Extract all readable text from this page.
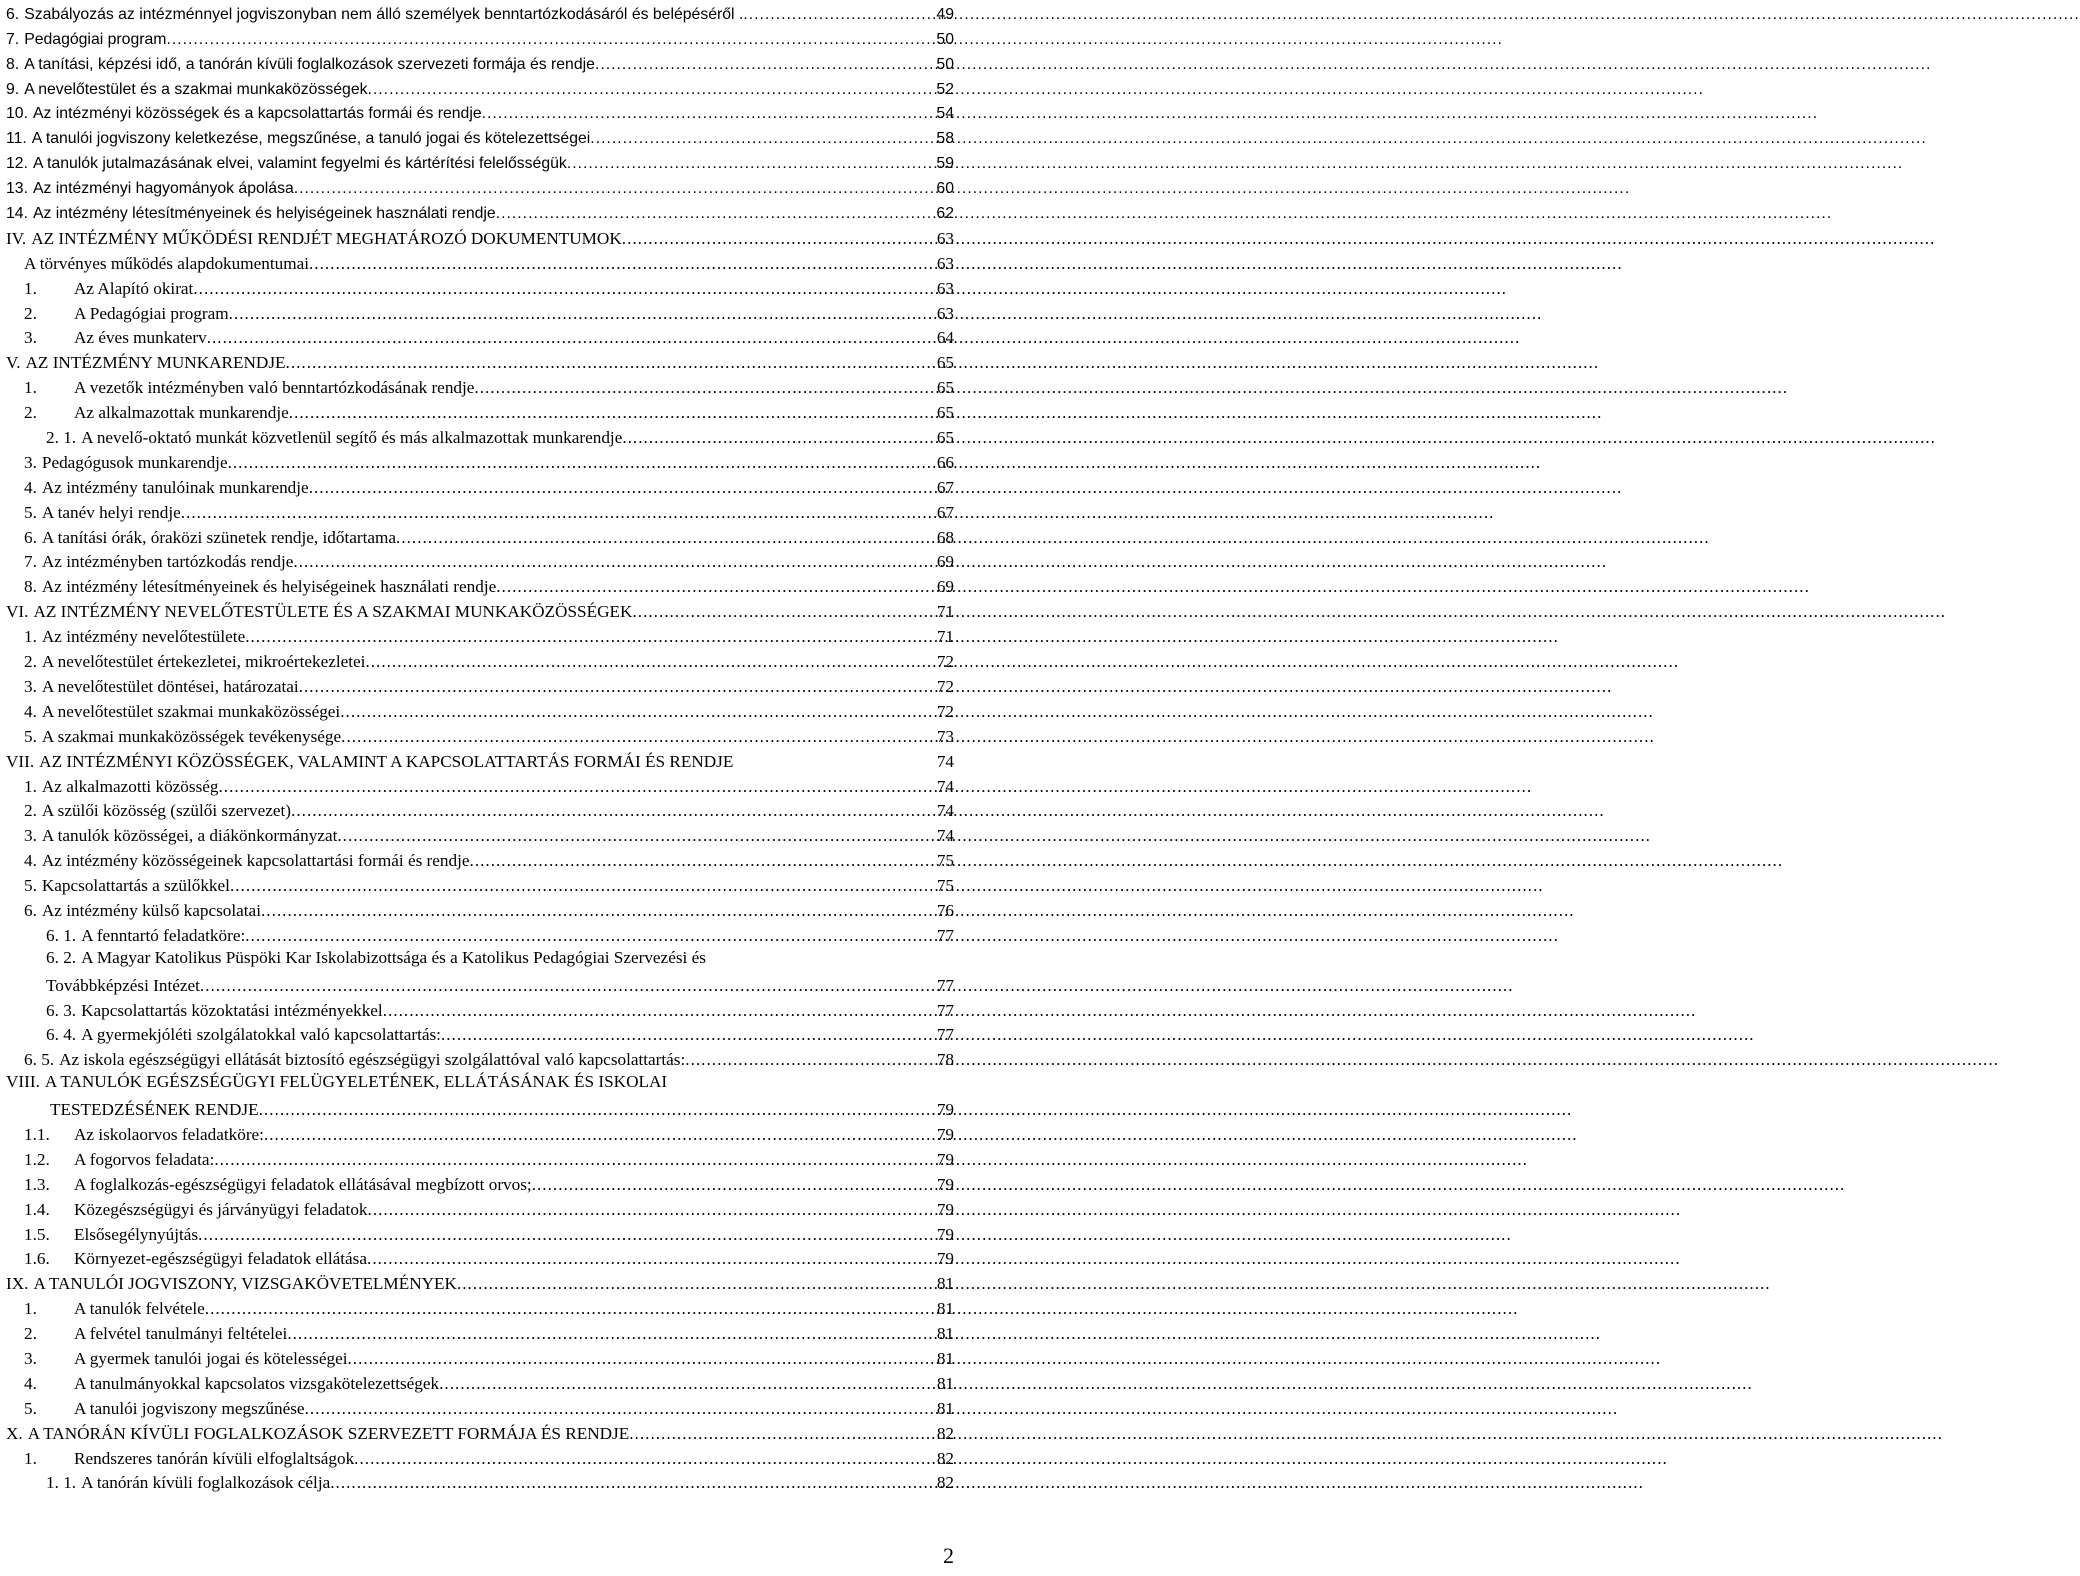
6. Szabályozás az intézménnyel jogviszonyban nem álló személyek benntartózkodásáról és belépéséről . .....	49
7. Pedagógiai program .....	50
8. A tanítási, képzési idő, a tanórán kívüli foglalkozások szervezeti formája és rendje .....	50
9. A nevelőtestület és a szakmai munkaközösségek .....	52
10. Az intézményi közösségek és a kapcsolattartás formái és rendje .....	54
11. A tanulói jogviszony keletkezése, megszűnése, a tanuló jogai és kötelezettségei .....	58
12. A tanulók jutalmazásának elvei, valamint fegyelmi és kártérítési felelősségük .....	59
13. Az intézményi hagyományok ápolása .....	60
14. Az intézmény létesítményeinek és helyiségeinek használati rendje .....	62
IV. AZ INTÉZMÉNY MŰKÖDÉSI RENDJÉT MEGHATÁROZÓ DOKUMENTUMOK .....	63
A törvényes működés alapdokumentumai .....	63
1.	Az Alapító okirat .....	63
2.	A Pedagógiai program .....	63
3.	Az éves munkaterv .....	64
V. AZ INTÉZMÉNY MUNKARENDJE .....	65
1.	A vezetők intézményben való benntartózkodásának rendje .....	65
2.	Az alkalmazottak munkarendje .....	65
2. 1. A nevelő-oktató munkát közvetlenül segítő és más alkalmazottak munkarendje .....	65
3. Pedagógusok munkarendje .....	66
4. Az intézmény tanulóinak munkarendje .....	67
5. A tanév helyi rendje .....	67
6. A tanítási órák, óraközi szünetek rendje, időtartama .....	68
7. Az intézményben tartózkodás rendje .....	69
8. Az intézmény létesítményeinek és helyiségeinek használati rendje .....	69
VI. AZ INTÉZMÉNY NEVELŐTESTÜLETE ÉS A SZAKMAI MUNKAKÖZÖSSÉGEK .....	71
1. Az intézmény nevelőtestülete .....	71
2. A nevelőtestület értekezletei, mikroértekezletei .....	72
3. A nevelőtestület döntései, határozatai .....	72
4. A nevelőtestület szakmai munkaközösségei .....	72
5. A szakmai munkaközösségek tevékenysége .....	73
VII. AZ INTÉZMÉNYI KÖZÖSSÉGEK, VALAMINT A KAPCSOLATTARTÁS FORMÁI ÉS RENDJE	74
1. Az alkalmazotti közösség .....	74
2. A szülői közösség (szülői szervezet) .....	74
3. A tanulók közösségei, a diákönkormányzat .....	74
4. Az intézmény közösségeinek kapcsolattartási formái és rendje .....	75
5. Kapcsolattartás a szülőkkel .....	75
6. Az intézmény külső kapcsolatai .....	76
6. 1. A fenntartó feladatköre: .....	77
6. 2. A Magyar Katolikus Püspöki Kar Iskolabizottsága és a Katolikus Pedagógiai Szervezési és
Továbbképzési Intézet .....	77
6. 3. Kapcsolattartás közoktatási intézményekkel .....	77
6. 4. A gyermekjóléti szolgálatokkal való kapcsolattartás: .....	77
6. 5. Az iskola egészségügyi ellátását biztosító egészségügyi szolgálattóval való kapcsolattartás: .....	78
VIII. A TANULÓK EGÉSZSÉGÜGYI FELÜGYELETÉNEK, ELLÁTÁSÁNAK ÉS ISKOLAI
TESTEDZÉSÉNEK RENDJE .....	79
1.1.	Az iskolaorvos feladatköre: .....	79
1.2.	A fogorvos feladata: .....	79
1.3.	A foglalkozás-egészségügyi feladatok ellátásával megbízott orvos; .....	79
1.4.	Közegészségügyi és járványügyi feladatok .....	79
1.5.	Elsősegélynyújtás .....	79
1.6.	Környezet-egészségügyi feladatok ellátása .....	79
IX. A TANULÓI JOGVISZONY, VIZSGAKÖVETELMÉNYEK .....	81
1.	A tanulók felvétele .....	81
2.	A felvétel tanulmányi feltételei .....	81
3.	A gyermek tanulói jogai és kötelességei .....	81
4.	A tanulmányokkal kapcsolatos vizsgakötelezettségek .....	81
5.	A tanulói jogviszony megszűnése .....	81
X. A TANÓRÁN KÍVÜLI FOGLALKOZÁSOK SZERVEZETT FORMÁJA ÉS RENDJE .....	82
1.	Rendszeres tanórán kívüli elfoglaltságok .....	82
1. 1. A tanórán kívüli foglalkozások célja .....	82
2
